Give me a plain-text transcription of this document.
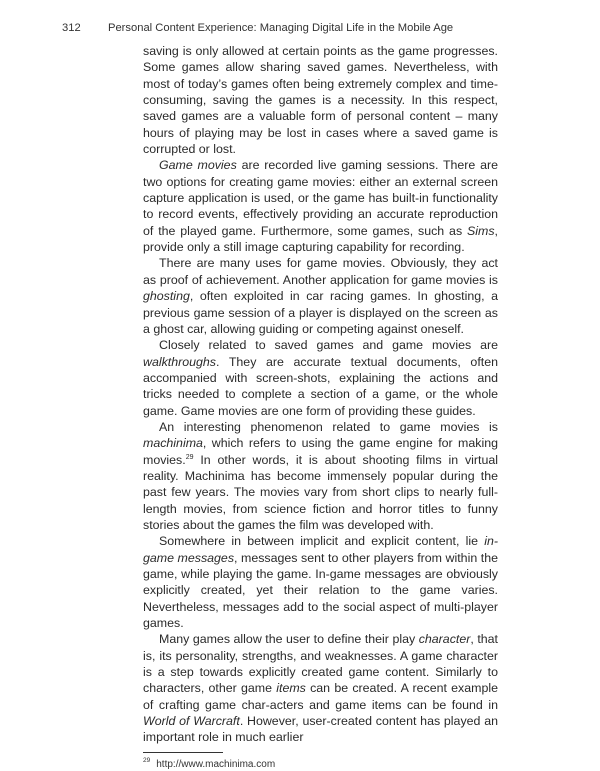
312 Personal Content Experience: Managing Digital Life in the Mobile Age

saving is only allowed at certain points as the game progresses. Some games allow sharing saved games. Nevertheless, with most of today’s games often being extremely complex and time-consuming, saving the games is a necessity. In this respect, saved games are a valuable form of personal content – many hours of playing may be lost in cases where a saved game is corrupted or lost.

Game movies are recorded live gaming sessions. There are two options for creating game movies: either an external screen capture application is used, or the game has built-in functionality to record events, effectively providing an accurate reproduction of the played game. Furthermore, some games, such as Sims, provide only a still image capturing capability for recording.

There are many uses for game movies. Obviously, they act as proof of achievement. Another application for game movies is ghosting, often exploited in car racing games. In ghosting, a previous game session of a player is displayed on the screen as a ghost car, allowing guiding or competing against oneself.

Closely related to saved games and game movies are walkthroughs. They are accurate textual documents, often accompanied with screen-shots, explaining the actions and tricks needed to complete a section of a game, or the whole game. Game movies are one form of providing these guides.

An interesting phenomenon related to game movies is machinima, which refers to using the game engine for making movies.$^{29}$ In other words, it is about shooting films in virtual reality. Machinima has become immensely popular during the past few years. The movies vary from short clips to nearly full-length movies, from science fiction and horror titles to funny stories about the games the film was developed with.

Somewhere in between implicit and explicit content, lie in-game messages, messages sent to other players from within the game, while playing the game. In-game messages are obviously explicitly created, yet their relation to the game varies. Nevertheless, messages add to the social aspect of multi-player games.

Many games allow the user to define their play character, that is, its personality, strengths, and weaknesses. A game character is a step towards explicitly created game content. Similarly to characters, other game items can be created. A recent example of crafting game char-acters and game items can be found in World of Warcraft. However, user-created content has played an important role in much earlier

$^{29}$ http://www.machinima.com
